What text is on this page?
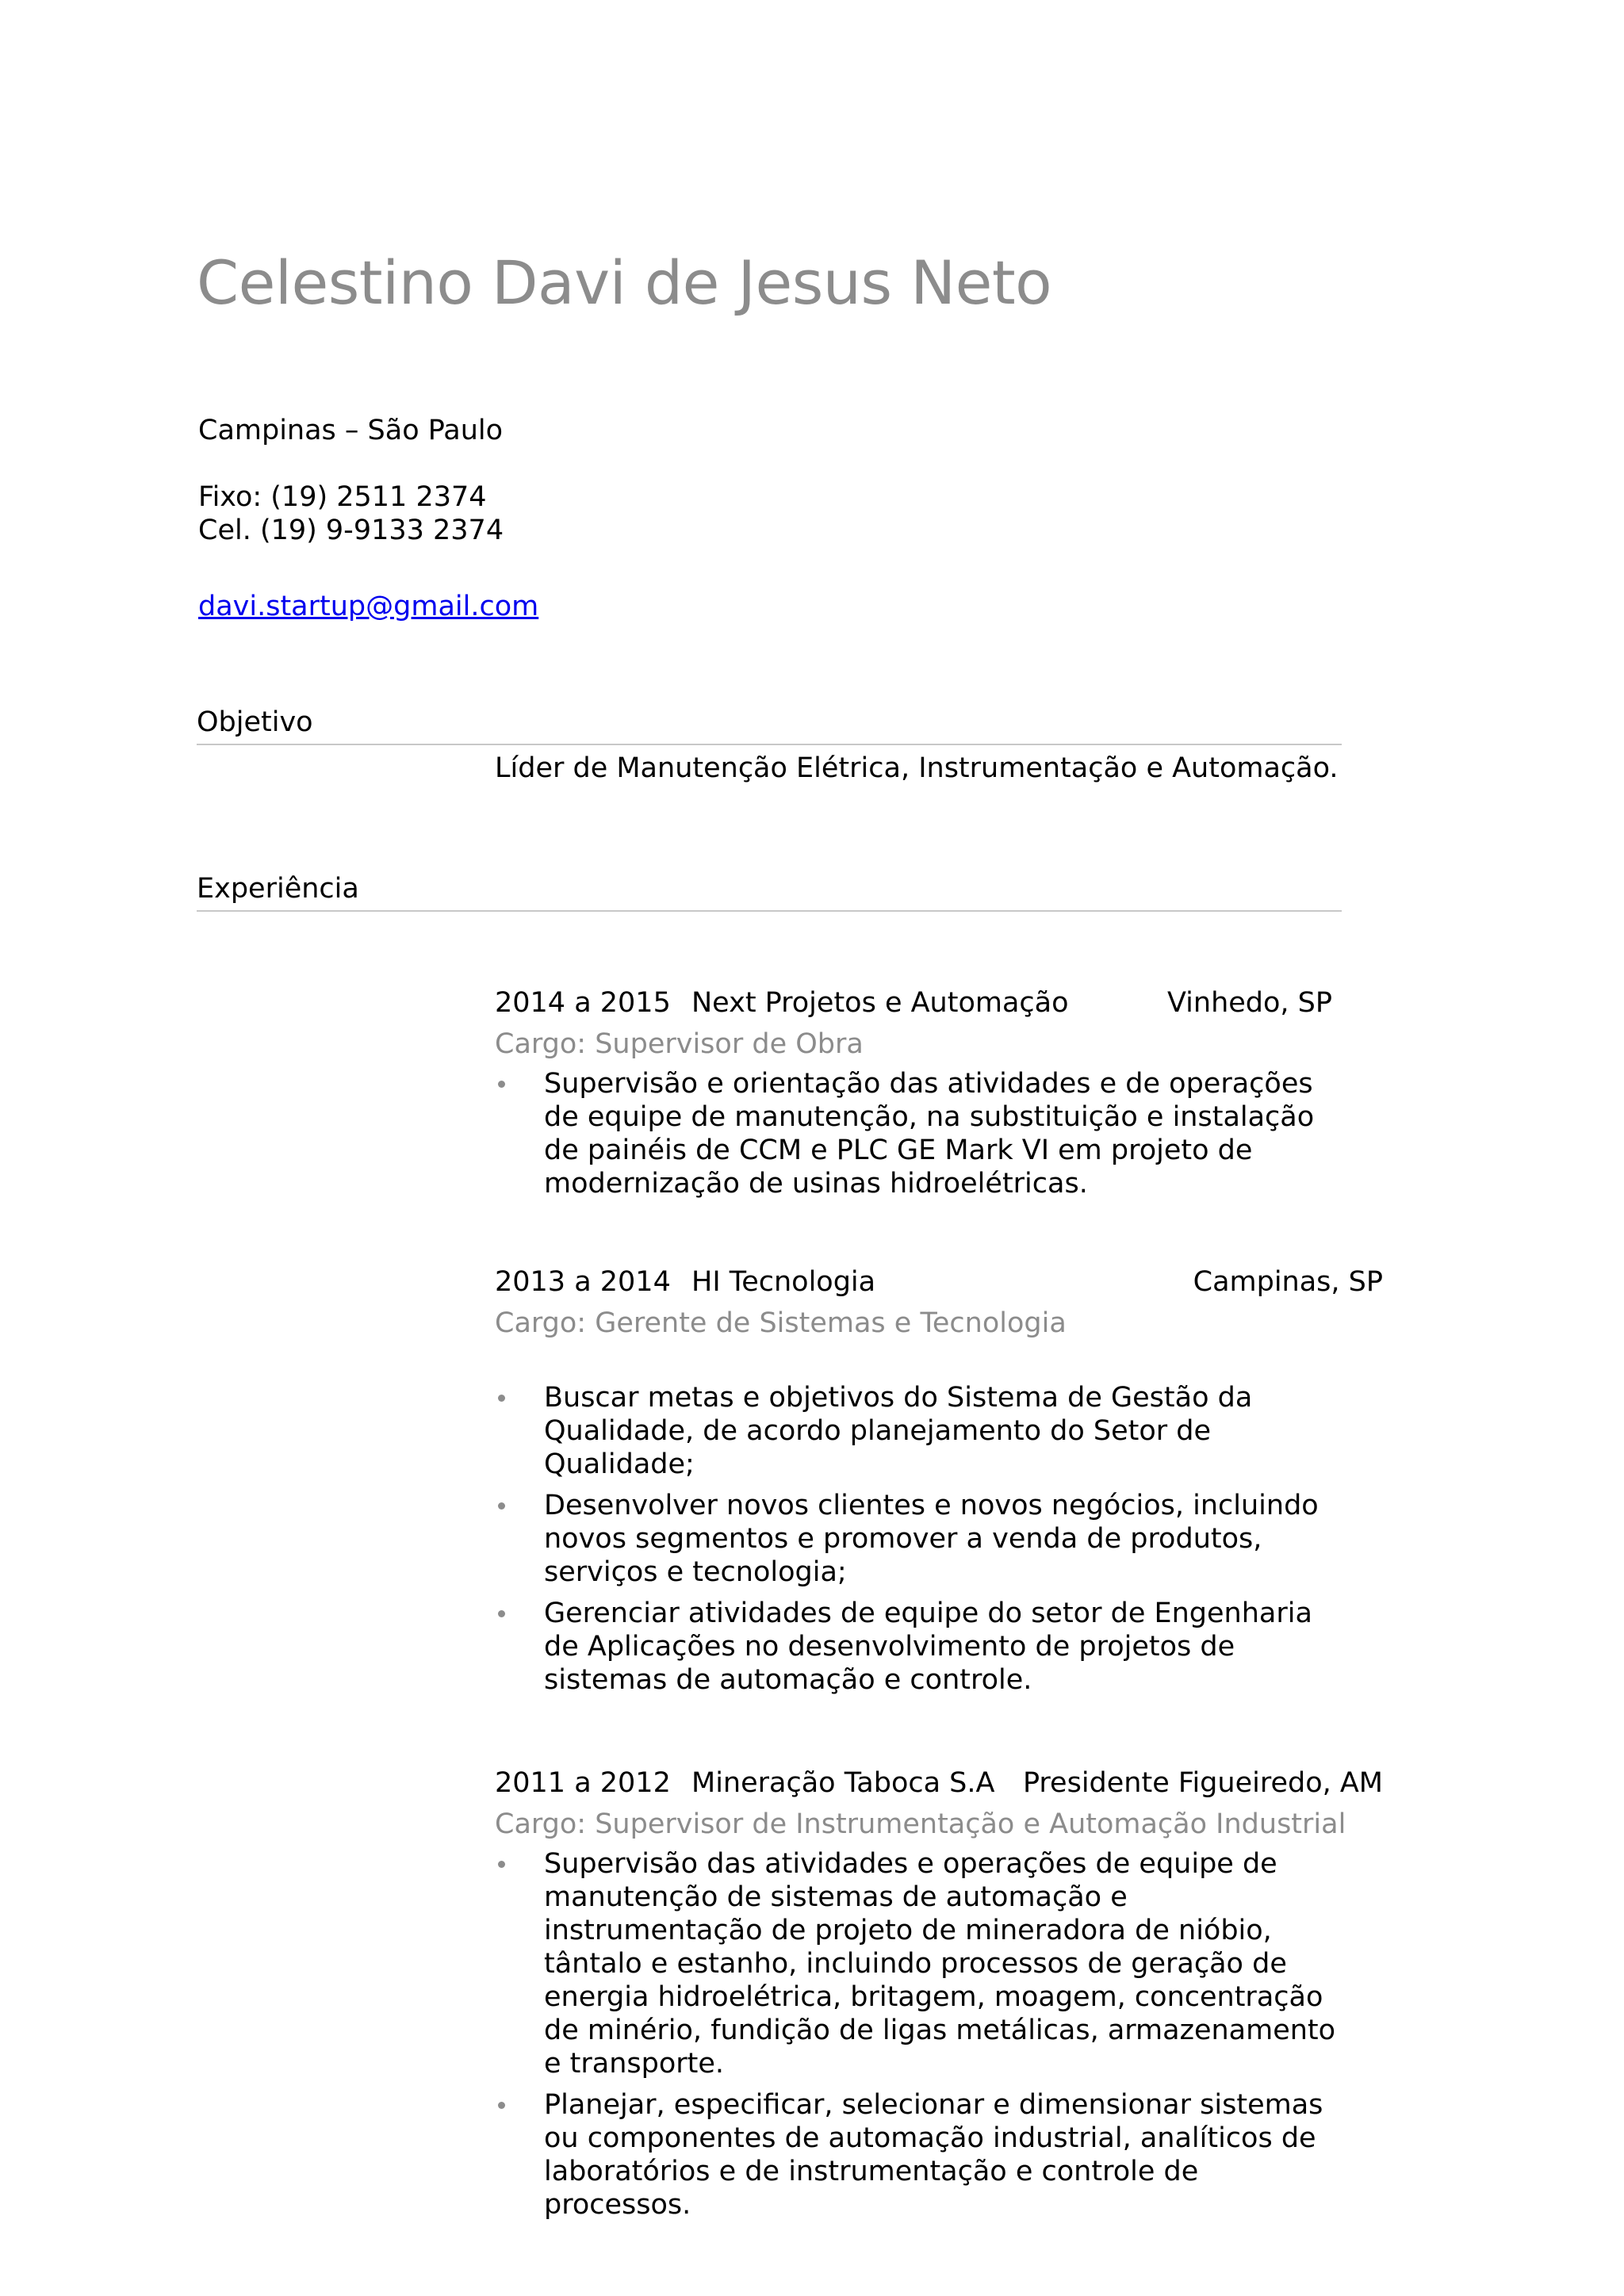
Celestino Davi de Jesus Neto
Campinas – São Paulo
Fixo: (19) 2511 2374
Cel. (19) 9-9133 2374
davi.startup@gmail.com
Objetivo
Líder de Manutenção Elétrica, Instrumentação e Automação.
Experiência
2014 a 2015 Next Projetos e Automação	Vinhedo, SP
Cargo: Supervisor de Obra
Supervisão e orientação das atividades e de operações de equipe de manutenção, na substituição e instalação de painéis de CCM e PLC GE Mark VI em projeto de modernização de usinas hidroelétricas.
2013 a 2014 HI Tecnologia	Campinas, SP
Cargo: Gerente de Sistemas e Tecnologia
Buscar metas e objetivos do Sistema de Gestão da Qualidade, de acordo planejamento do Setor de Qualidade;
Desenvolver novos clientes e novos negócios, incluindo novos segmentos e promover a venda de produtos, serviços e tecnologia;
Gerenciar atividades de equipe do setor de Engenharia de Aplicações no desenvolvimento de projetos de sistemas de automação e controle.
2011 a 2012 Mineração Taboca S.A Presidente Figueiredo, AM
Cargo: Supervisor de Instrumentação e Automação Industrial
Supervisão das atividades e operações de equipe de manutenção de sistemas de automação e instrumentação de projeto de mineradora de nióbio, tântalo e estanho, incluindo processos de geração de energia hidroelétrica, britagem, moagem, concentração de minério, fundição de ligas metálicas, armazenamento e transporte.
Planejar, especificar, selecionar e dimensionar sistemas ou componentes de automação industrial, analíticos de laboratórios e de instrumentação e controle de processos.
